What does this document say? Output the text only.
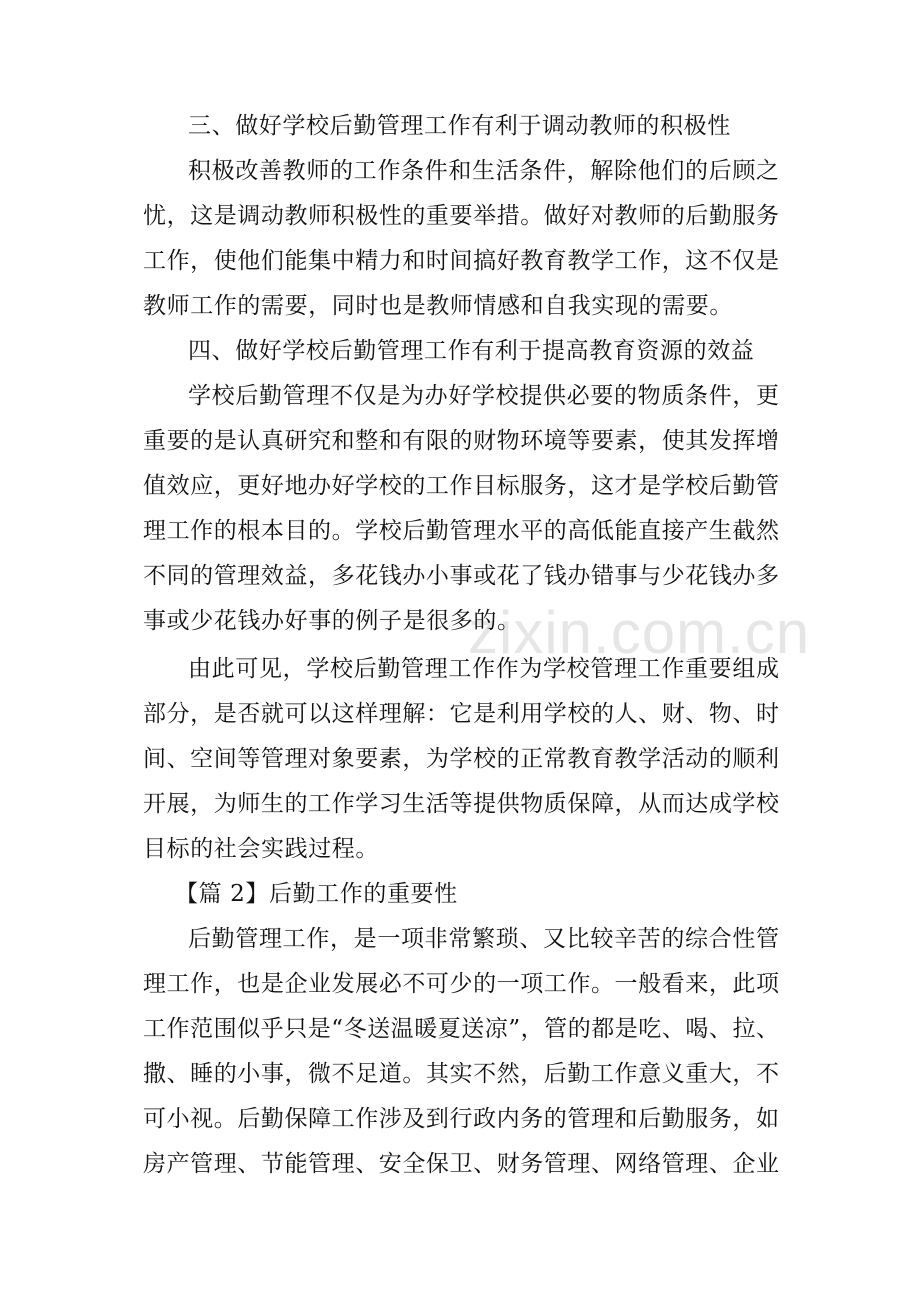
zixin.com.cn
三、做好学校后勤管理工作有利于调动教师的积极性
积极改善教师的工作条件和生活条件，解除他们的后顾之
忧，这是调动教师积极性的重要举措。做好对教师的后勤服务
工作，使他们能集中精力和时间搞好教育教学工作，这不仅是
教师工作的需要，同时也是教师情感和自我实现的需要。
四、做好学校后勤管理工作有利于提高教育资源的效益
学校后勤管理不仅是为办好学校提供必要的物质条件，更
重要的是认真研究和整和有限的财物环境等要素，使其发挥增
值效应，更好地办好学校的工作目标服务，这才是学校后勤管
理工作的根本目的。学校后勤管理水平的高低能直接产生截然
不同的管理效益，多花钱办小事或花了钱办错事与少花钱办多
事或少花钱办好事的例子是很多的。
由此可见，学校后勤管理工作作为学校管理工作重要组成
部分，是否就可以这样理解：它是利用学校的人、财、物、时
间、空间等管理对象要素，为学校的正常教育教学活动的顺利
开展，为师生的工作学习生活等提供物质保障，从而达成学校
目标的社会实践过程。
【篇 2】后勤工作的重要性
后勤管理工作，是一项非常繁琐、又比较辛苦的综合性管
理工作，也是企业发展必不可少的一项工作。一般看来，此项
工作范围似乎只是“冬送温暖夏送凉”，管的都是吃、喝、拉、
撒、睡的小事，微不足道。其实不然，后勤工作意义重大，不
可小视。后勤保障工作涉及到行政内务的管理和后勤服务，如
房产管理、节能管理、安全保卫、财务管理、网络管理、企业
